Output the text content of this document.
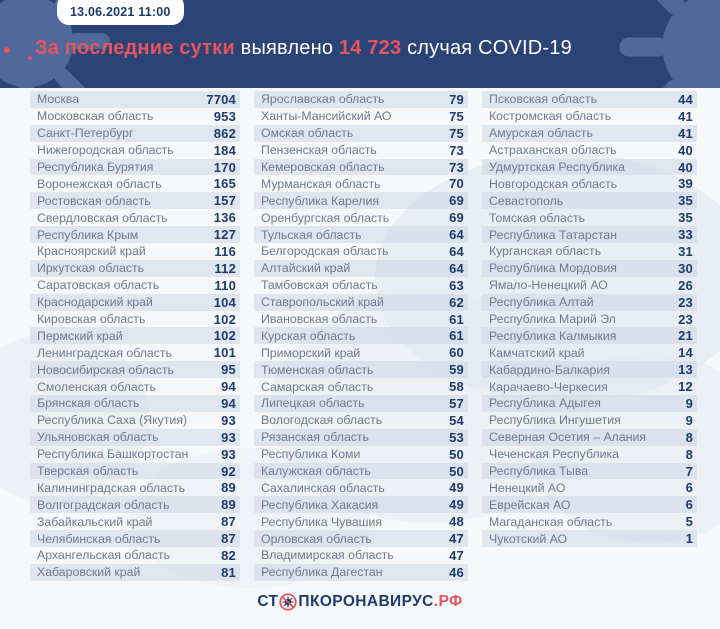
13.06.2021 11:00
За последние сутки выявлено 14 723 случая COVID-19
Москва	7704
Московская область	953
Санкт-Петербург	862
Нижегородская область	184
Республика Бурятия	170
Воронежская область	165
Ростовская область	157
Свердловская область	136
Республика Крым	127
Красноярский край	116
Иркутская область	112
Саратовская область	110
Краснодарский край	104
Кировская область	102
Пермский край	102
Ленинградская область	101
Новосибирская область	95
Смоленская область	94
Брянская область	94
Республика Саха (Якутия)	93
Ульяновская область	93
Республика Башкортостан	93
Тверская область	92
Калининградская область	89
Волгоградская область	89
Забайкальский край	87
Челябинская область	87
Архангельская область	82
Хабаровский край	81
Ярославская область	79
Ханты-Мансийский АО	75
Омская область	75
Пензенская область	73
Кемеровская область	73
Мурманская область	70
Республика Карелия	69
Оренбургская область	69
Тульская область	64
Белгородская область	64
Алтайский край	64
Тамбовская область	63
Ставропольский край	62
Ивановская область	61
Курская область	61
Приморский край	60
Тюменская область	59
Самарская область	58
Липецкая область	57
Вологодская область	54
Рязанская область	53
Республика Коми	50
Калужская область	50
Сахалинская область	49
Республика Хакасия	49
Республика Чувашия	48
Орловская область	47
Владимирская область	47
Республика Дагестан	46
Псковская область	44
Костромская область	41
Амурская область	41
Астраханская область	40
Удмуртская Республика	40
Новгородская область	39
Севастополь	35
Томская область	35
Республика Татарстан	33
Курганская область	31
Республика Мордовия	30
Ямало-Ненецкий АО	26
Республика Алтай	23
Республика Марий Эл	23
Республика Калмыкия	21
Камчатский край	14
Кабардино-Балкария	13
Карачаево-Черкесия	12
Республика Адыгея	9
Республика Ингушетия	9
Северная Осетия – Алания	8
Чеченская Республика	8
Республика Тыва	7
Ненецкий АО	6
Еврейская АО	6
Магаданская область	5
Чукотский АО	1
СТ ПКОРОНАВИРУС .РФ
